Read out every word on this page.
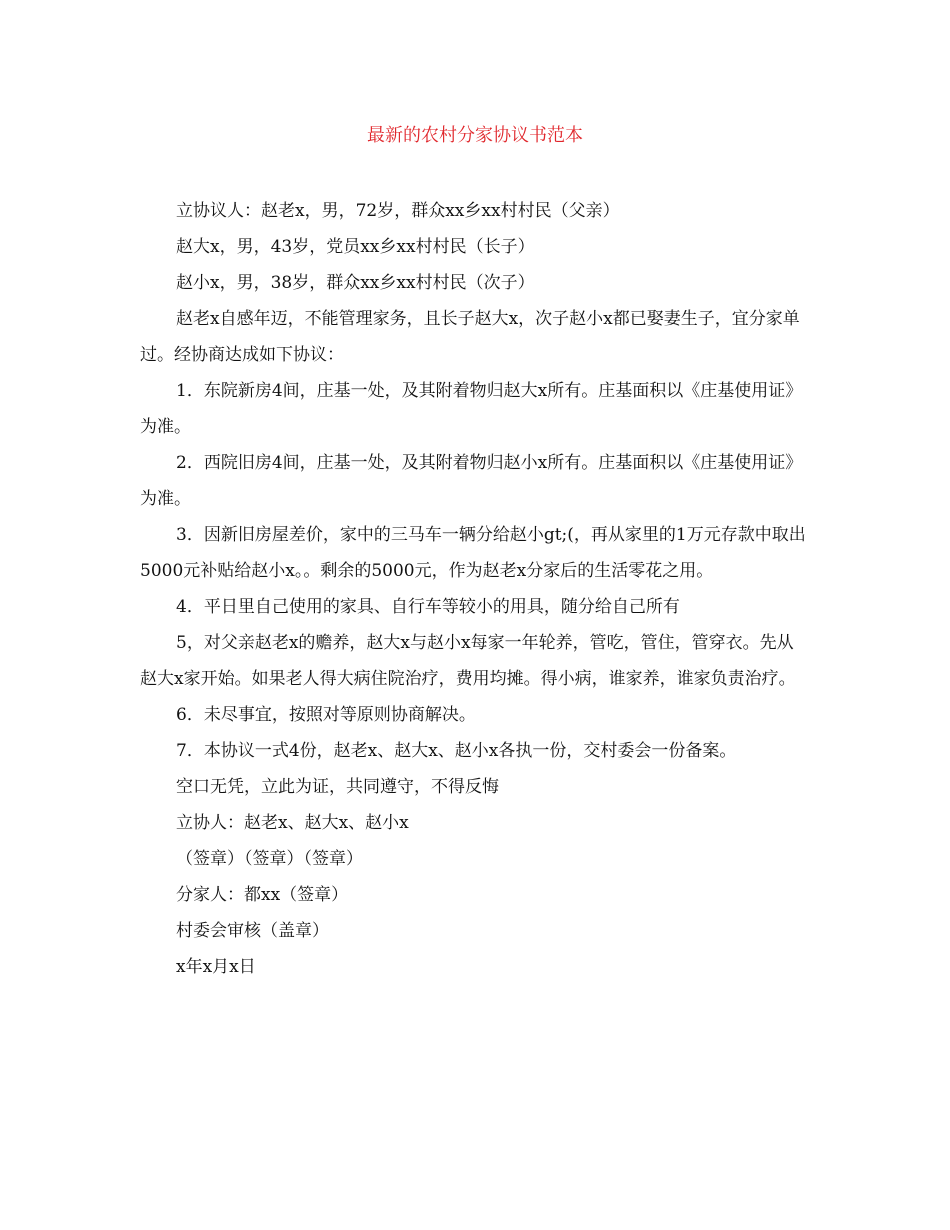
最新的农村分家协议书范本

立协议人：赵老x，男，72岁，群众xx乡xx村村民（父亲）

赵大x，男，43岁，党员xx乡xx村村民（长子）

赵小x，男，38岁，群众xx乡xx村村民（次子）

赵老x自感年迈，不能管理家务，且长子赵大x，次子赵小x都已娶妻生子，宜分家单过。经协商达成如下协议：

1．东院新房4间，庄基一处，及其附着物归赵大x所有。庄基面积以《庄基使用证》为准。

2．西院旧房4间，庄基一处，及其附着物归赵小x所有。庄基面积以《庄基使用证》为准。

3．因新旧房屋差价，家中的三马车一辆分给赵小gt;(，再从家里的1万元存款中取出5000元补贴给赵小x。。剩余的5000元，作为赵老x分家后的生活零花之用。

4．平日里自己使用的家具、自行车等较小的用具，随分给自己所有

5，对父亲赵老x的赡养，赵大x与赵小x每家一年轮养，管吃，管住，管穿衣。先从赵大x家开始。如果老人得大病住院治疗，费用均摊。得小病，谁家养，谁家负责治疗。

6．未尽事宜，按照对等原则协商解决。

7．本协议一式4份，赵老x、赵大x、赵小x各执一份，交村委会一份备案。

空口无凭，立此为证，共同遵守，不得反悔

立协人：赵老x、赵大x、赵小x

（签章）（签章）（签章）

分家人：都xx（签章）

村委会审核（盖章）

x年x月x日
